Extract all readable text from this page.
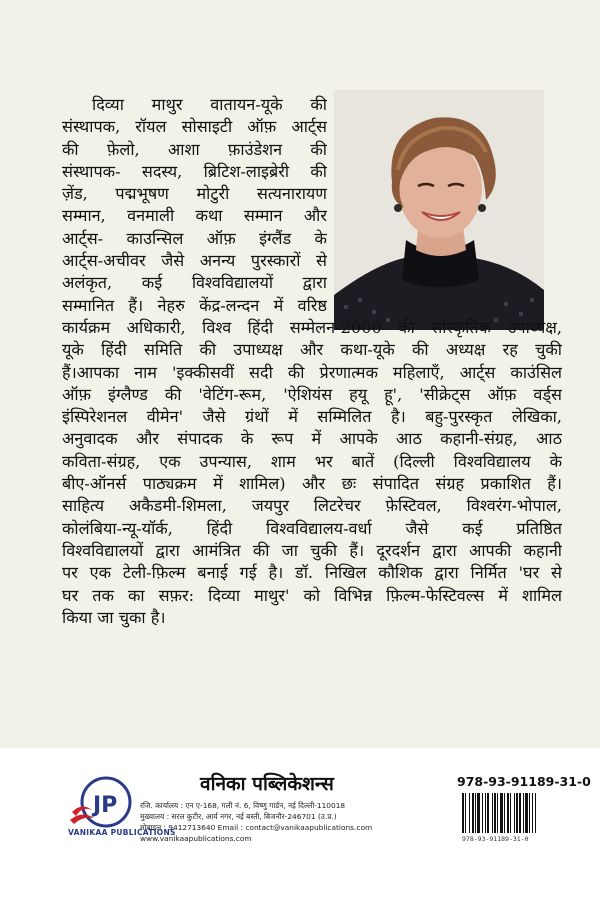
दिव्या माथुर वातायन-यूके की
संस्थापक, रॉयल सोसाइटी ऑफ़ आर्ट्स
की फ़ेलो, आशा फ़ाउंडेशन की
संस्थापक- सदस्य, ब्रिटिश-लाइब्रेरी की
ज़ेंड, पद्मभूषण मोटुरी सत्यनारायण
सम्मान, वनमाली कथा सम्मान और
आर्ट्स- काउन्सिल ऑफ़ इंग्लैंड के
आर्ट्स-अचीवर जैसे अनन्य पुरस्कारों से
अलंकृत, कई विश्वविद्यालयों द्वारा
सम्मानित हैं। नेहरु केंद्र-लन्दन में वरिष्ठ
कार्यक्रम अधिकारी, विश्व हिंदी सम्मेलन-2000 की सांस्कृतिक उपाध्यक्ष,
यूके हिंदी समिति की उपाध्यक्ष और कथा-यूके की अध्यक्ष रह चुकी
हैं।आपका नाम 'इक्कीसवीं सदी की प्रेरणात्मक महिलाएँ, आर्ट्स काउंसिल
ऑफ़ इंग्लैण्ड की 'वेटिंग-रूम, 'ऐशियंस हयू हू', 'सीक्रेट्स ऑफ़ वर्ड्स
इंस्पिरेशनल वीमेन' जैसे ग्रंथों में सम्मिलित है। बहु-पुरस्कृत लेखिका,
अनुवादक और संपादक के रूप में आपके आठ कहानी-संग्रह, आठ
कविता-संग्रह, एक उपन्यास, शाम भर बातें (दिल्ली विश्वविद्यालय के
बीए-ऑनर्स पाठ्यक्रम में शामिल) और छः संपादित संग्रह प्रकाशित हैं।
साहित्य अकैडमी-शिमला, जयपुर लिटरेचर फ़ेस्टिवल, विश्वरंग-भोपाल,
कोलंबिया-न्यू-यॉर्क, हिंदी विश्वविद्यालय-वर्धा जैसे कई प्रतिष्ठित
विश्वविद्यालयों द्वारा आमंत्रित की जा चुकी हैं। दूरदर्शन द्वारा आपकी कहानी
पर एक टेली-फ़िल्म बनाई गई है। डॉ. निखिल कौशिक द्वारा निर्मित 'घर से
घर तक का सफ़र: दिव्या माथुर' को विभिन्न फ़िल्म-फेस्टिवल्स में शामिल
किया जा चुका है।
JP
VANIKAA PUBLICATIONS
वनिका पब्लिकेशन्स
रजि. कार्यालय : एन ए-168, गली नं. 6, विष्णु गार्डन, नई दिल्ली-110018
मुख्यालय : सरल कुटीर, आर्य नगर, नई बस्ती, बिजनौर-246701 (उ.प्र.)
मोबाइल : 9412713640 Email : contact@vanikaapublications.com
www.vanikaapublications.com
978-93-91189-31-0
978-93-91189-31-0
